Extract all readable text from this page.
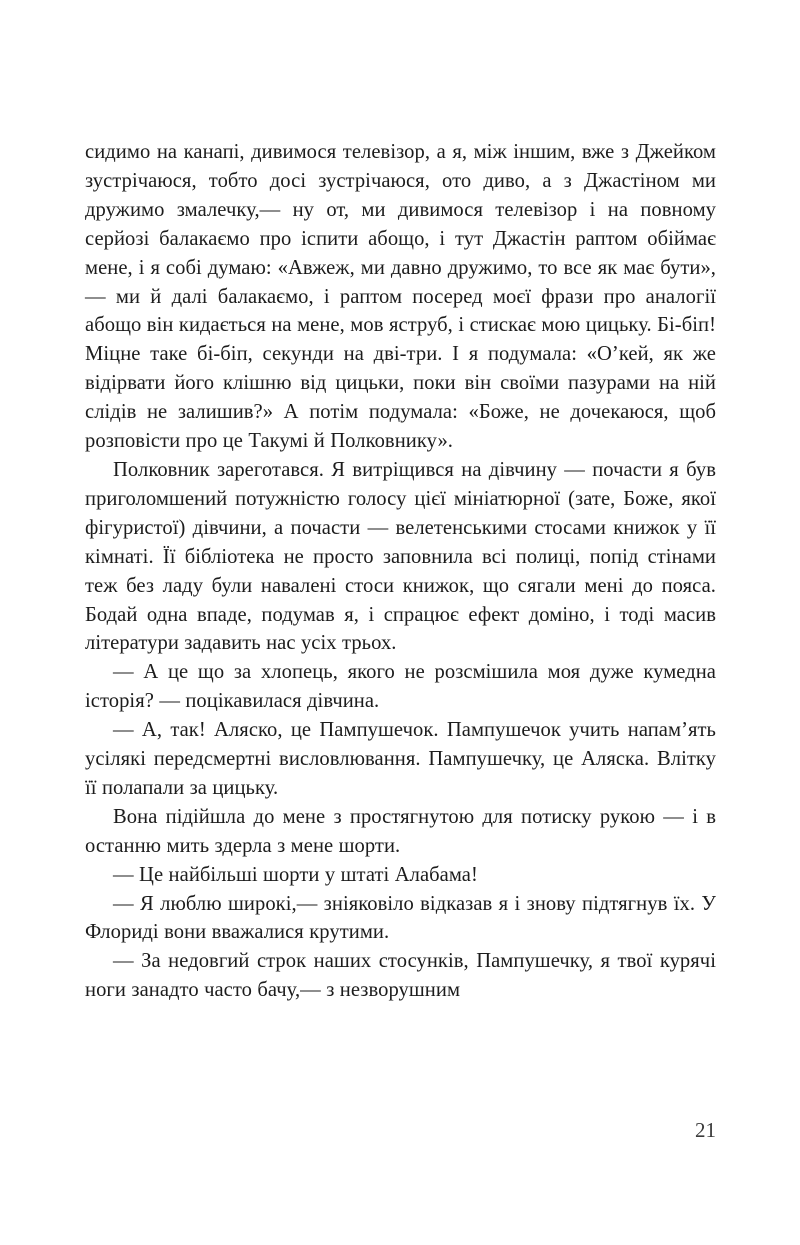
сидимо на канапі, дивимося телевізор, а я, між іншим, вже з Джейком зустрічаюся, тобто досі зустрічаюся, ото диво, а з Джастіном ми дружимо змалечку,— ну от, ми дивимося телевізор і на повному серйозі балакаємо про іспити абощо, і тут Джастін раптом обіймає мене, і я собі думаю: «Авжеж, ми давно дружимо, то все як має бути»,— ми й далі балакаємо, і раптом посеред моєї фрази про аналогії абощо він кидається на мене, мов яструб, і стискає мою цицьку. Бі-біп! Міцне таке бі-біп, секунди на дві-три. І я подумала: «О’кей, як же відірвати його клішню від цицьки, поки він своїми пазурами на ній слідів не залишив?» А потім подумала: «Боже, не дочекаюся, щоб розповісти про це Такумі й Полковнику».

Полковник зареготався. Я витріщився на дівчину — почасти я був приголомшений потужністю голосу цієї мініатюрної (зате, Боже, якої фігуристої) дівчини, а почасти — велетенськими стосами книжок у її кімнаті. Її бібліотека не просто заповнила всі полиці, попід стінами теж без ладу були навалені стоси книжок, що сягали мені до пояса. Бодай одна впаде, подумав я, і спрацює ефект доміно, і тоді масив літератури задавить нас усіх трьох.

— А це що за хлопець, якого не розсмішила моя дуже кумедна історія? — поцікавилася дівчина.

— А, так! Аляско, це Пампушечок. Пампушечок учить напам’ять усілякі передсмертні висловлювання. Пампушечку, це Аляска. Влітку її полапали за цицьку.

Вона підійшла до мене з простягнутою для потиску рукою — і в останню мить здерла з мене шорти.

— Це найбільші шорти у штаті Алабама!

— Я люблю широкі,— зніяковіло відказав я і знову підтягнув їх. У Флориді вони вважалися крутими.

— За недовгий строк наших стосунків, Пампушечку, я твої курячі ноги занадто часто бачу,— з незворушним

21
